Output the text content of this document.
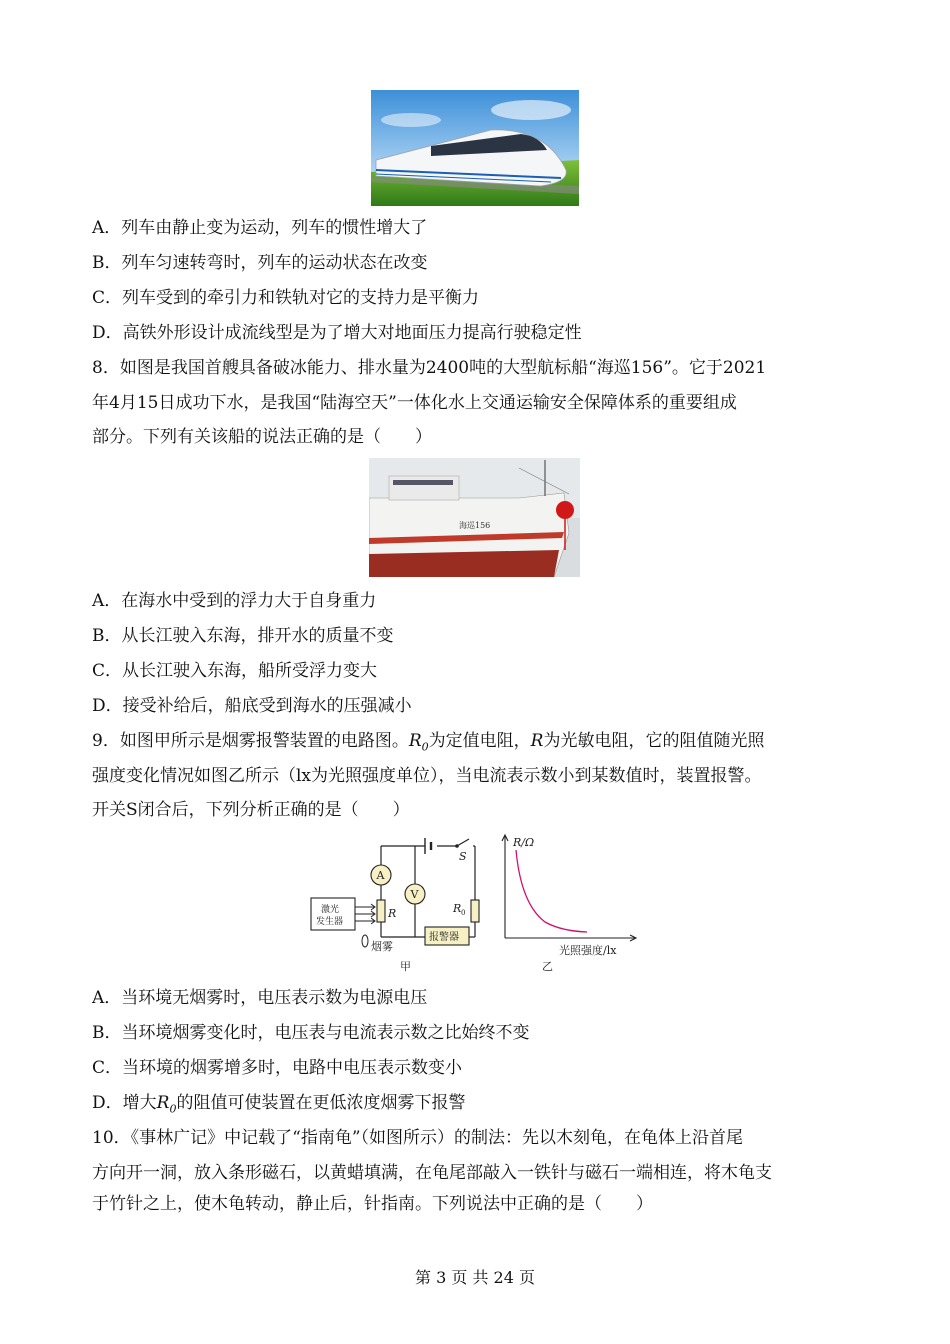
A．列车由静止变为运动，列车的惯性增大了
B．列车匀速转弯时，列车的运动状态在改变
C．列车受到的牵引力和铁轨对它的支持力是平衡力
D．高铁外形设计成流线型是为了增大对地面压力提高行驶稳定性
8．如图是我国首艘具备破冰能力、排水量为2400吨的大型航标船“海巡156”。它于2021
年4月15日成功下水，是我国“陆海空天”一体化水上交通运输安全保障体系的重要组成
部分。下列有关该船的说法正确的是（　　）
海巡156
A．在海水中受到的浮力大于自身重力
B．从长江驶入东海，排开水的质量不变
C．从长江驶入东海，船所受浮力变大
D．接受补给后，船底受到海水的压强减小
9．如图甲所示是烟雾报警装置的电路图。$R_0$为定值电阻，R为光敏电阻，它的阻值随光照
强度变化情况如图乙所示（lx为光照强度单位），当电流表示数小到某数值时，装置报警。
开关S闭合后，下列分析正确的是（　　）
S
A
V
R	R 0
报警器
激光
发生器
烟雾
甲
R/Ω
光照强度/lx
乙
A．当环境无烟雾时，电压表示数为电源电压
B．当环境烟雾变化时，电压表与电流表示数之比始终不变
C．当环境的烟雾增多时，电路中电压表示数变小
D．增大$R_0$的阻值可使装置在更低浓度烟雾下报警
10．《事林广记》中记载了“指南龟”（如图所示）的制法：先以木刻龟，在龟体上沿首尾
方向开一洞，放入条形磁石，以黄蜡填满，在龟尾部敲入一铁针与磁石一端相连，将木龟支
于竹针之上，使木龟转动，静止后，针指南。下列说法中正确的是（　　）
第 3 页 共 24 页
